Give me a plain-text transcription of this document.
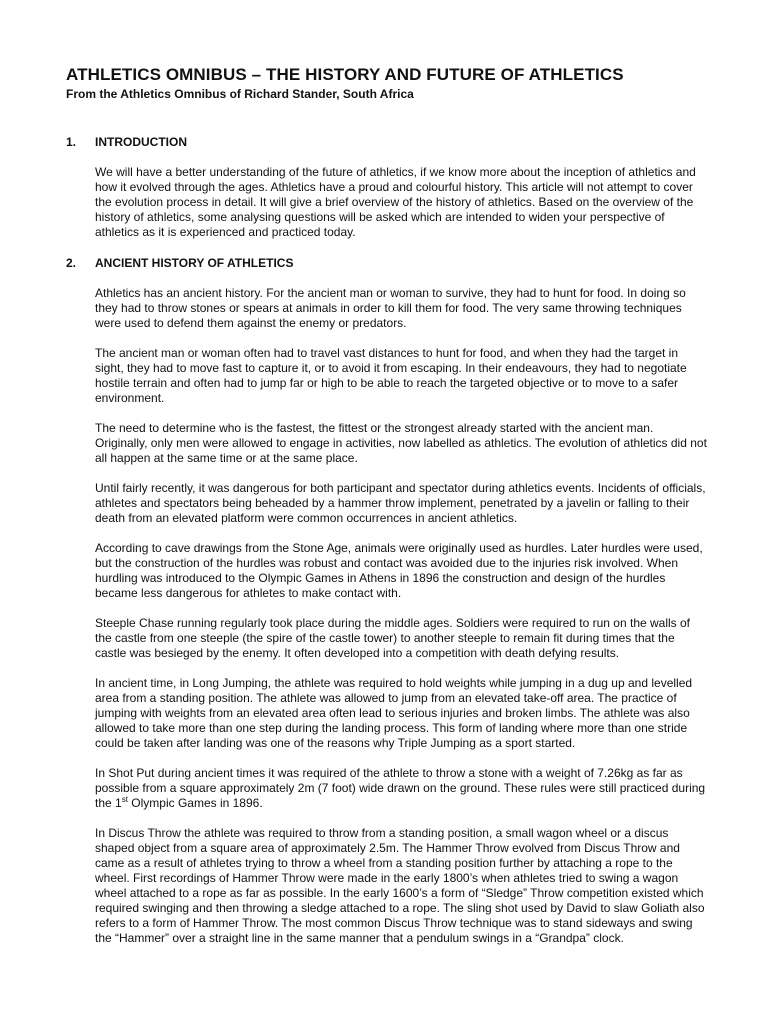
ATHLETICS OMNIBUS – THE HISTORY AND FUTURE OF ATHLETICS
From the Athletics Omnibus of Richard Stander, South Africa
1. INTRODUCTION

We will have a better understanding of the future of athletics, if we know more about the inception of athletics and how it evolved through the ages. Athletics have a proud and colourful history. This article will not attempt to cover the evolution process in detail. It will give a brief overview of the history of athletics. Based on the overview of the history of athletics, some analysing questions will be asked which are intended to widen your perspective of athletics as it is experienced and practiced today.

2. ANCIENT HISTORY OF ATHLETICS

Athletics has an ancient history. For the ancient man or woman to survive, they had to hunt for food. In doing so they had to throw stones or spears at animals in order to kill them for food. The very same throwing techniques were used to defend them against the enemy or predators.

The ancient man or woman often had to travel vast distances to hunt for food, and when they had the target in sight, they had to move fast to capture it, or to avoid it from escaping. In their endeavours, they had to negotiate hostile terrain and often had to jump far or high to be able to reach the targeted objective or to move to a safer environment.

The need to determine who is the fastest, the fittest or the strongest already started with the ancient man. Originally, only men were allowed to engage in activities, now labelled as athletics. The evolution of athletics did not all happen at the same time or at the same place.

Until fairly recently, it was dangerous for both participant and spectator during athletics events. Incidents of officials, athletes and spectators being beheaded by a hammer throw implement, penetrated by a javelin or falling to their death from an elevated platform were common occurrences in ancient athletics.

According to cave drawings from the Stone Age, animals were originally used as hurdles. Later hurdles were used, but the construction of the hurdles was robust and contact was avoided due to the injuries risk involved. When hurdling was introduced to the Olympic Games in Athens in 1896 the construction and design of the hurdles became less dangerous for athletes to make contact with.

Steeple Chase running regularly took place during the middle ages. Soldiers were required to run on the walls of the castle from one steeple (the spire of the castle tower) to another steeple to remain fit during times that the castle was besieged by the enemy. It often developed into a competition with death defying results.

In ancient time, in Long Jumping, the athlete was required to hold weights while jumping in a dug up and levelled area from a standing position. The athlete was allowed to jump from an elevated take-off area. The practice of jumping with weights from an elevated area often lead to serious injuries and broken limbs. The athlete was also allowed to take more than one step during the landing process. This form of landing where more than one stride could be taken after landing was one of the reasons why Triple Jumping as a sport started.

In Shot Put during ancient times it was required of the athlete to throw a stone with a weight of 7.26kg as far as possible from a square approximately 2m (7 foot) wide drawn on the ground. These rules were still practiced during the 1st Olympic Games in 1896.

In Discus Throw the athlete was required to throw from a standing position, a small wagon wheel or a discus shaped object from a square area of approximately 2.5m. The Hammer Throw evolved from Discus Throw and came as a result of athletes trying to throw a wheel from a standing position further by attaching a rope to the wheel. First recordings of Hammer Throw were made in the early 1800’s when athletes tried to swing a wagon wheel attached to a rope as far as possible. In the early 1600’s a form of “Sledge” Throw competition existed which required swinging and then throwing a sledge attached to a rope. The sling shot used by David to slaw Goliath also refers to a form of Hammer Throw. The most common Discus Throw technique was to stand sideways and swing the “Hammer” over a straight line in the same manner that a pendulum swings in a “Grandpa” clock.
